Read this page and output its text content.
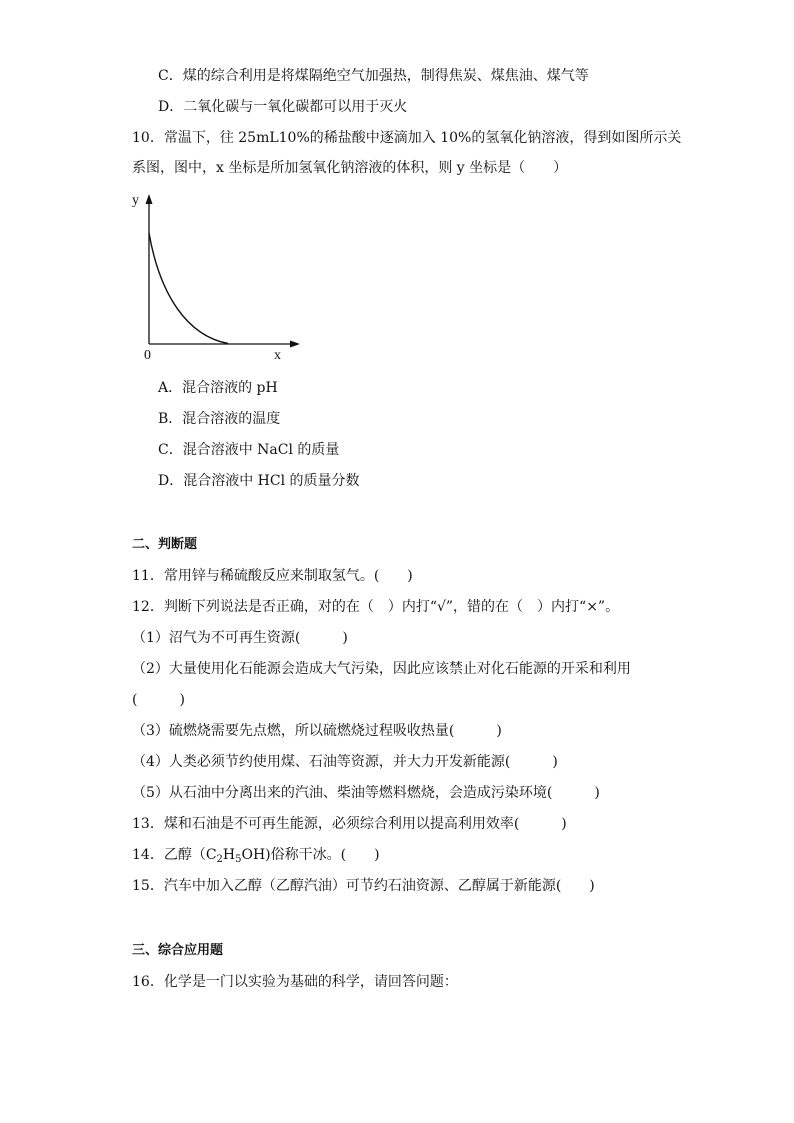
C．煤的综合利用是将煤隔绝空气加强热，制得焦炭、煤焦油、煤气等
D．二氧化碳与一氧化碳都可以用于灭火
10．常温下，往 25mL10%的稀盐酸中逐滴加入 10%的氢氧化钠溶液，得到如图所示关
系图，图中，x 坐标是所加氢氧化钠溶液的体积，则 y 坐标是（　　）
y
x
0
A．混合溶液的 pH
B．混合溶液的温度
C．混合溶液中 NaCl 的质量
D．混合溶液中 HCl 的质量分数
二、判断题
11．常用锌与稀硫酸反应来制取氢气。(　　)
12．判断下列说法是否正确，对的在（　）内打“√”，错的在（　）内打“×”。
（1）沼气为不可再生资源(　　　)
（2）大量使用化石能源会造成大气污染，因此应该禁止对化石能源的开采和利用
(　　　)
（3）硫燃烧需要先点燃，所以硫燃烧过程吸收热量(　　　)
（4）人类必须节约使用煤、石油等资源，并大力开发新能源(　　　)
（5）从石油中分离出来的汽油、柴油等燃料燃烧，会造成污染环境(　　　)
13．煤和石油是不可再生能源，必须综合利用以提高利用效率(　　　)
14．乙醇$(C_2H_5OH)$俗称干冰。(　　)
15．汽车中加入乙醇（乙醇汽油）可节约石油资源、乙醇属于新能源(　　)
三、综合应用题
16．化学是一门以实验为基础的科学，请回答问题：
